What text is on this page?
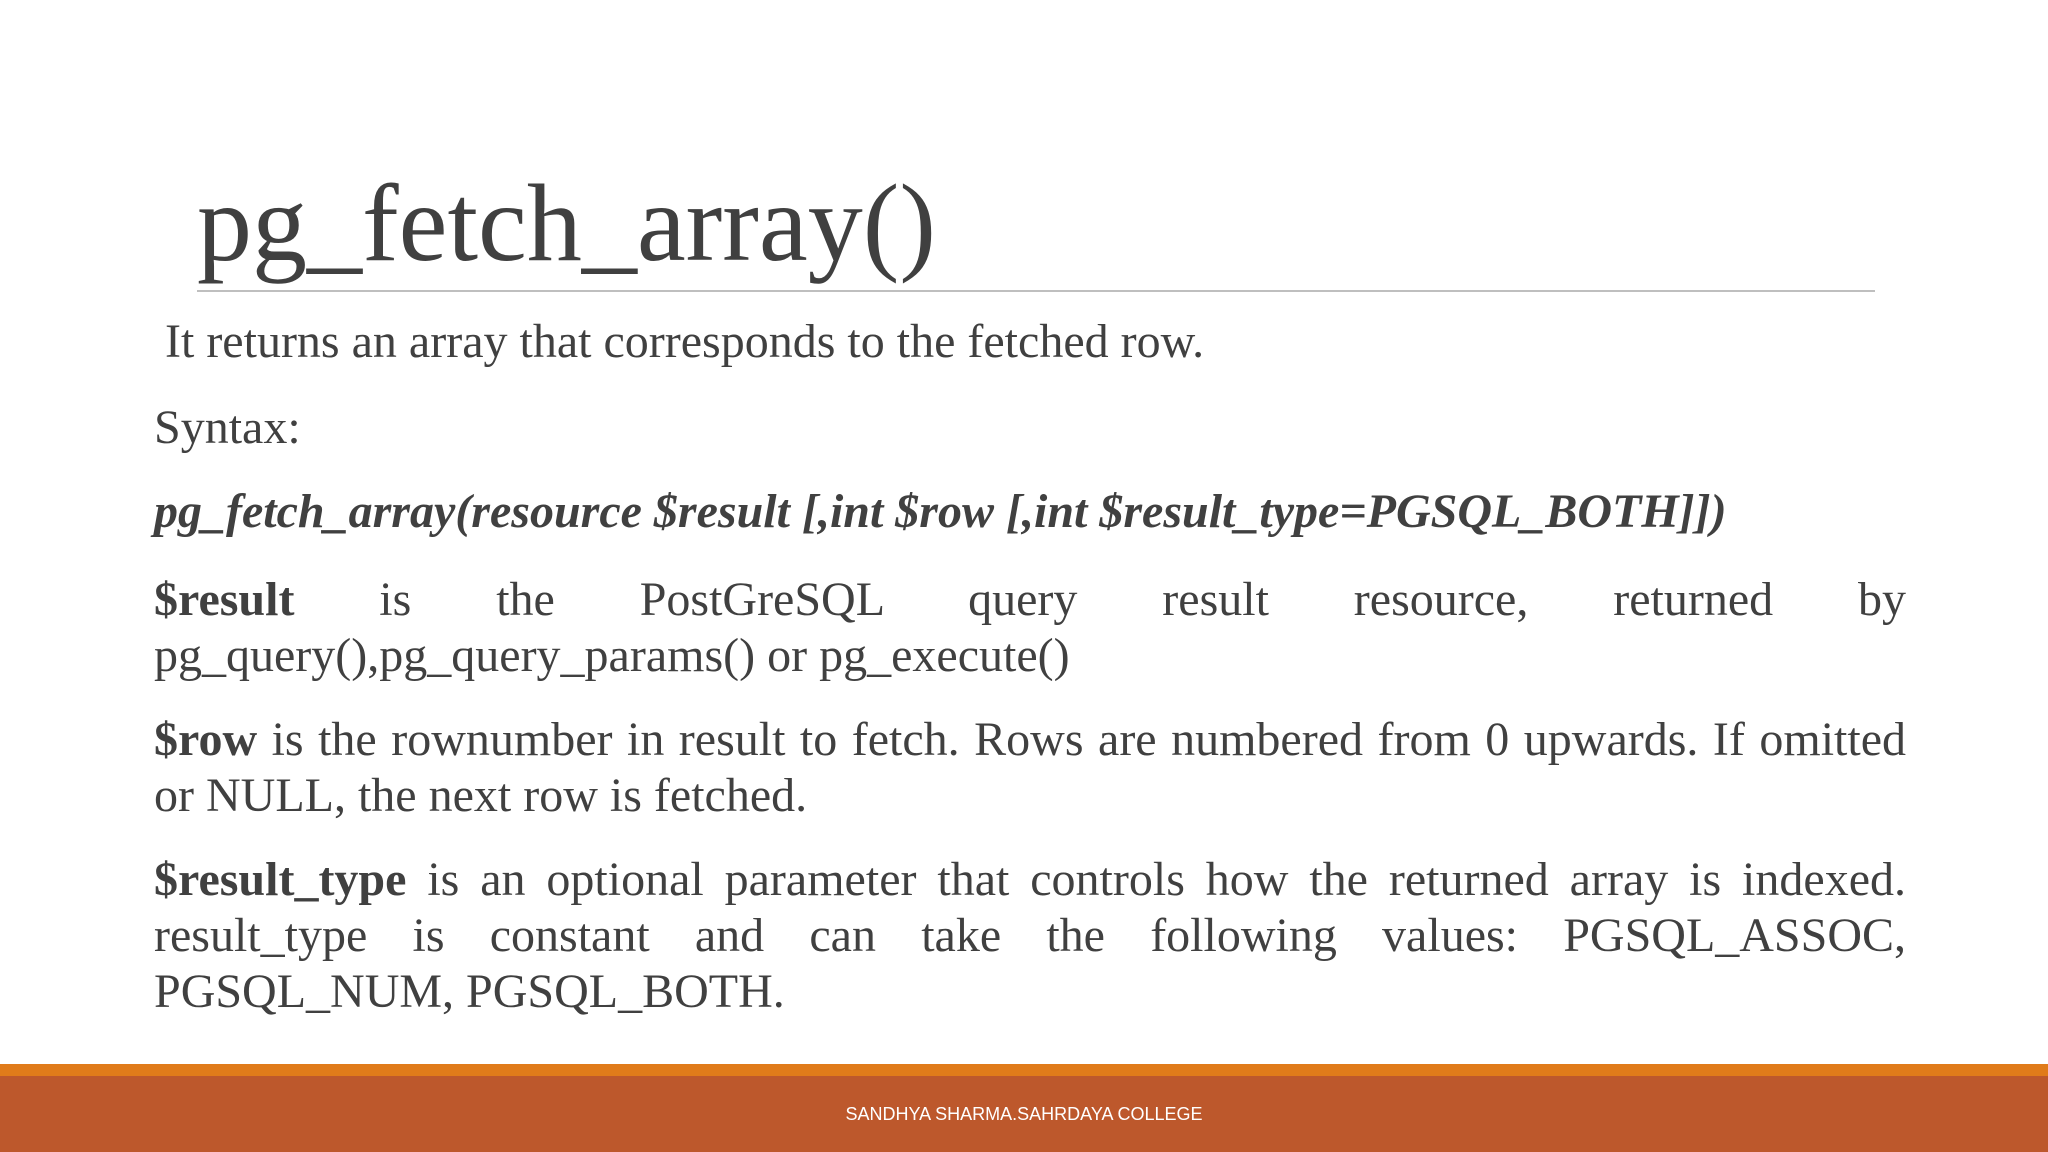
pg_fetch_array()
It returns an array that corresponds to the fetched row.
Syntax:
pg_fetch_array(resource $result [,int $row [,int $result_type=PGSQL_BOTH]])
$result is the PostGreSQL query result resource, returned by pg_query(),pg_query_params() or pg_execute()
$row is the rownumber in result to fetch. Rows are numbered from 0 upwards. If omitted or NULL, the next row is fetched.
$result_type is an optional parameter that controls how the returned array is indexed. result_type is constant and can take the following values: PGSQL_ASSOC, PGSQL_NUM, PGSQL_BOTH.
SANDHYA SHARMA.SAHRDAYA COLLEGE
